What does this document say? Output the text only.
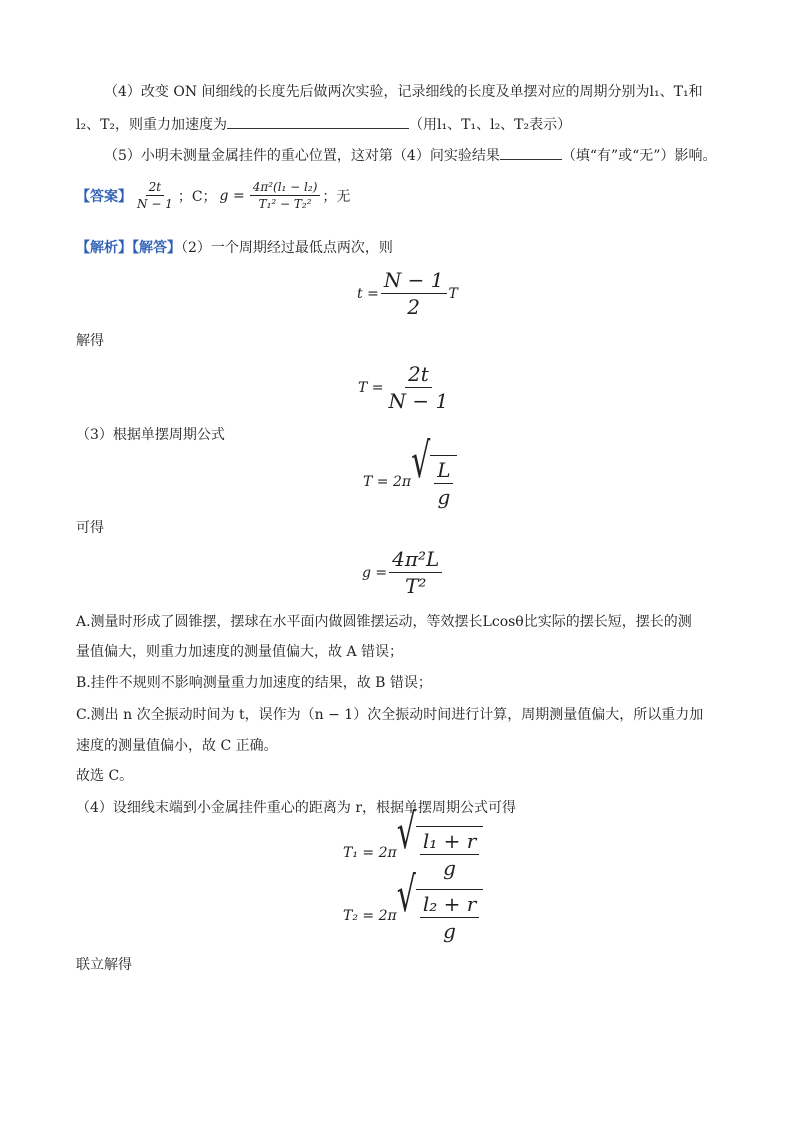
（4）改变 ON 间细线的长度先后做两次实验，记录细线的长度及单摆对应的周期分别为l₁、T₁和
l₂、T₂，则重力加速度为	（用l₁、T₁、l₂、T₂表示）
（5）小明未测量金属挂件的重心位置，这对第（4）问实验结果	（填“有”或“无”）影响。
【答案】 $\frac{2t}{N - 1}$ ；C； $g = \frac{\text{4π²(l₁ − l₂)}}{\text{T₁² − T₂²}}$ ；无
【解析】【解答】（2）一个周期经过最低点两次，则
$t = \frac{N - 1}{2}$ T
解得
$T = \frac{2t}{N - 1}$
（3）根据单摆周期公式
T = 2π √ $\frac{L}{g}$
可得
$g = \frac{\text{4π²L}}{\text{T²}}$
A.测量时形成了圆锥摆，摆球在水平面内做圆锥摆运动，等效摆长Lcosθ比实际的摆长短，摆长的测
量值偏大，则重力加速度的测量值偏大，故 A 错误；
B.挂件不规则不影响测量重力加速度的结果，故 B 错误；
C.测出 n 次全振动时间为 t，误作为（n − 1）次全振动时间进行计算，周期测量值偏大，所以重力加
速度的测量值偏小，故 C 正确。
故选 C。
（4）设细线末端到小金属挂件重心的距离为 r，根据单摆周期公式可得
T₁ = 2π √ $\frac{\text{l₁ + r}}{g}$
T₂ = 2π √ $\frac{\text{l₂ + r}}{g}$
联立解得
